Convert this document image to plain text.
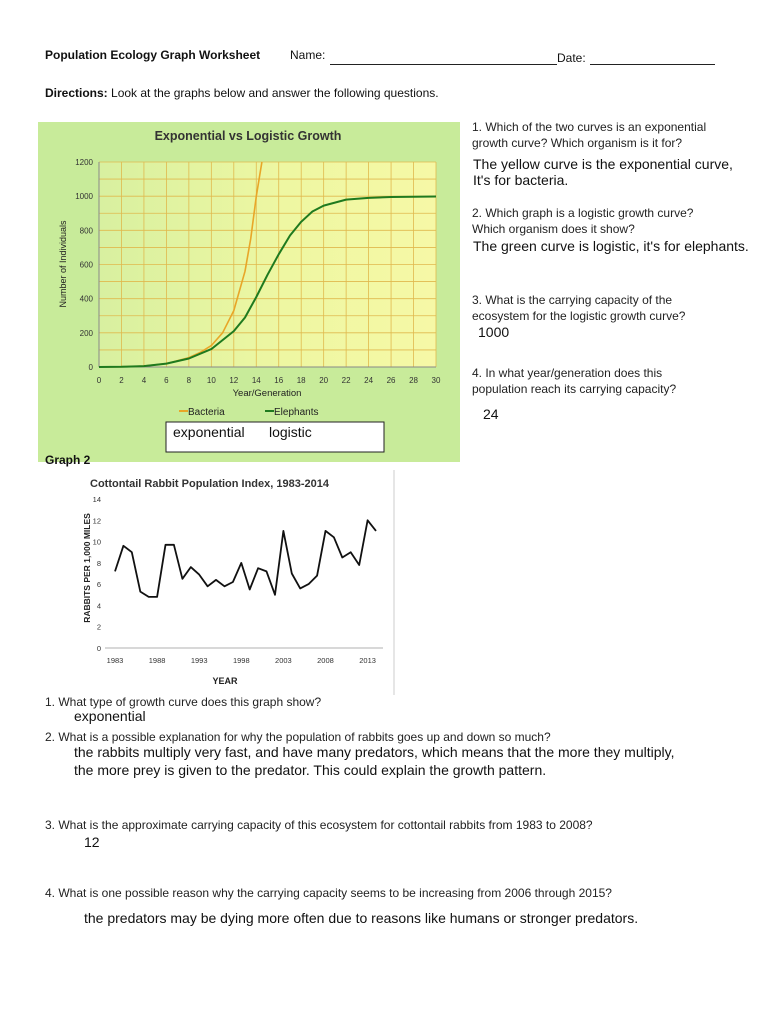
Population Ecology Graph Worksheet Name:	Date:
Directions: Look at the graphs below and answer the following questions.
Exponential vs Logistic Growth
0
200
400
600
800
1000
1200
0 2 4 6 8 10 12 14 16 18 20 22 24 26 28 30
Number of Individuals
Year/Generation
Bacteria	Elephants
exponential logistic
1. Which of the two curves is an exponential
growth curve? Which organism is it for?
The yellow curve is the exponential curve,
It's for bacteria.
2. Which graph is a logistic growth curve?
Which organism does it show?
The green curve is logistic, it's for elephants.
3. What is the carrying capacity of the
ecosystem for the logistic growth curve?
1000
4. In what year/generation does this
population reach its carrying capacity?
24
Graph 2
Cottontail Rabbit Population Index, 1983-2014
0
2
4
6
8
10
12
14
1983	1988	1993	1998	2003	2008	2013
RABBITS PER 1,000 MILES
YEAR
1. What type of growth curve does this graph show?
exponential
2. What is a possible explanation for why the population of rabbits goes up and down so much?
the rabbits multiply very fast, and have many predators, which means that the more they multiply,
the more prey is given to the predator. This could explain the growth pattern.
3. What is the approximate carrying capacity of this ecosystem for cottontail rabbits from 1983 to 2008?
12
4. What is one possible reason why the carrying capacity seems to be increasing from 2006 through 2015?
the predators may be dying more often due to reasons like humans or stronger predators.
